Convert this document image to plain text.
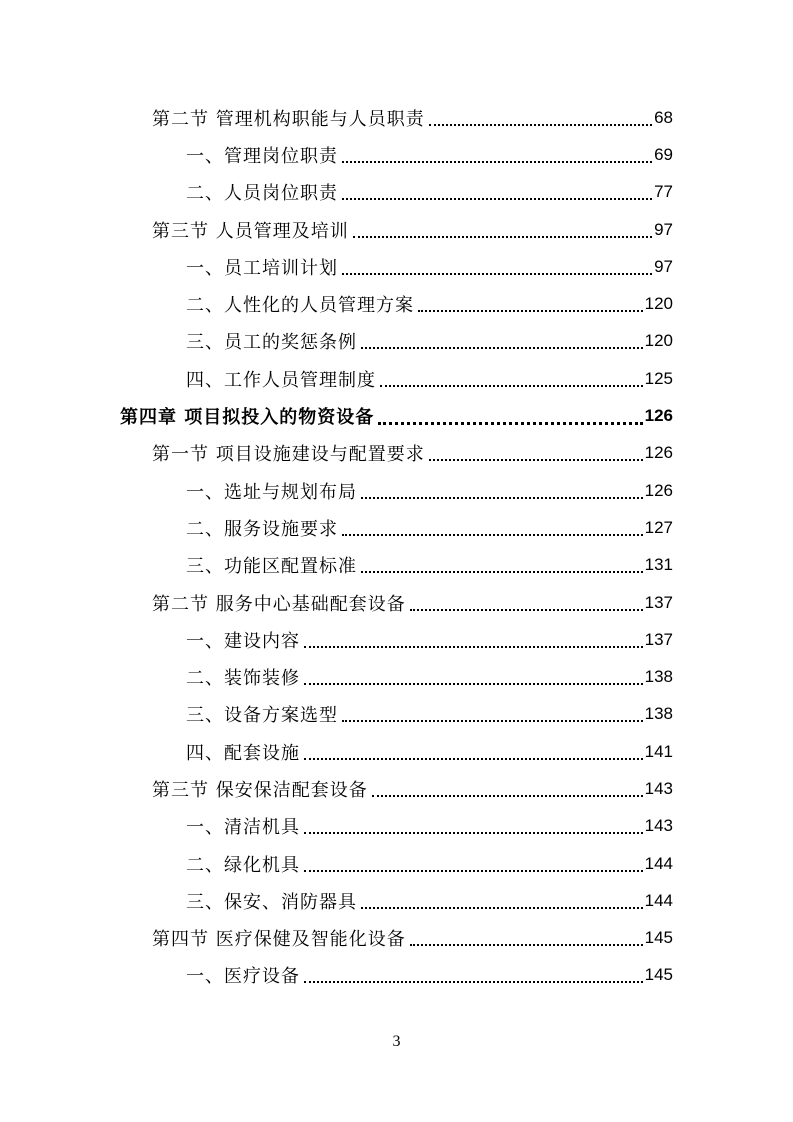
第二节 管理机构职能与人员职责	68
一、管理岗位职责	69
二、人员岗位职责	77
第三节 人员管理及培训	97
一、员工培训计划	97
二、人性化的人员管理方案	120
三、员工的奖惩条例	120
四、工作人员管理制度	125
第四章 项目拟投入的物资设备	126
第一节 项目设施建设与配置要求	126
一、选址与规划布局	126
二、服务设施要求	127
三、功能区配置标准	131
第二节 服务中心基础配套设备	137
一、建设内容	137
二、装饰装修	138
三、设备方案选型	138
四、配套设施	141
第三节 保安保洁配套设备	143
一、清洁机具	143
二、绿化机具	144
三、保安、消防器具	144
第四节 医疗保健及智能化设备	145
一、医疗设备	145
3
